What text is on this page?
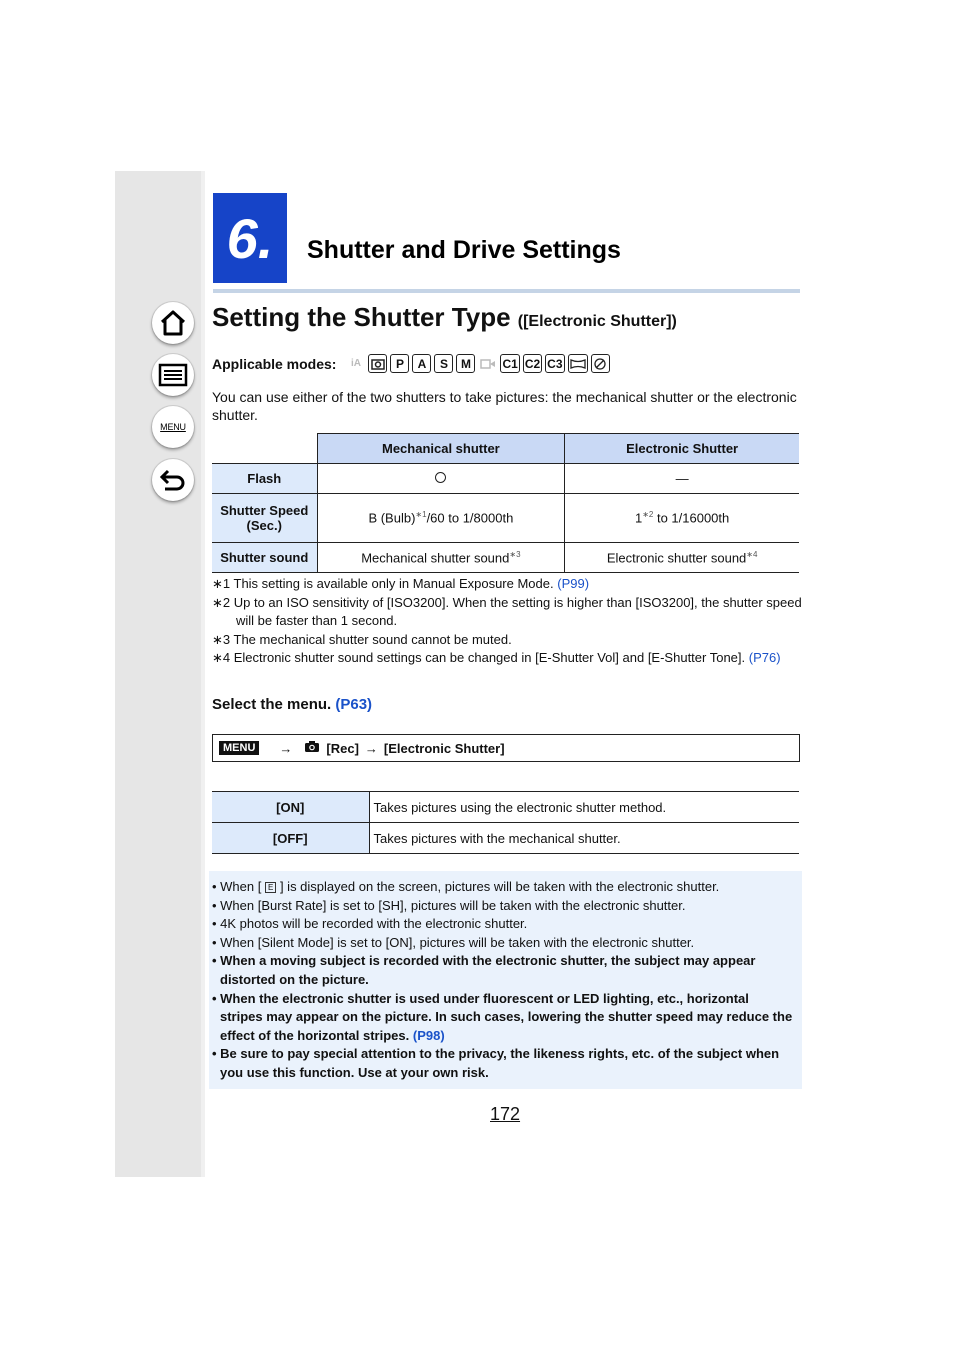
MENU
6.	Shutter and Drive Settings
Setting the Shutter Type ([Electronic Shutter])
Applicable modes:	iA	P	A	S	M	C1 C2 C3
You can use either of the two shutters to take pictures: the mechanical shutter or the electronic shutter.
	Mechanical shutter	Electronic Shutter
Flash		—
Shutter Speed (Sec.)	B (Bulb)$^{∗1}$/60 to 1/8000th	$1^{∗2}$ to 1/16000th
Shutter sound	Mechanical shutter sound$^{∗3}$	Electronic shutter sound$^{∗4}$
∗1 This setting is available only in Manual Exposure Mode. (P99)
∗2 Up to an ISO sensitivity of [ISO3200]. When the setting is higher than [ISO3200], the shutter speed will be faster than 1 second.
∗3 The mechanical shutter sound cannot be muted.
∗4 Electronic shutter sound settings can be changed in [E-Shutter Vol] and [E-Shutter Tone]. (P76)
Select the menu. (P63)
MENU	→	[Rec] → [Electronic Shutter]
[ON]	Takes pictures using the electronic shutter method.
[OFF]	Takes pictures with the mechanical shutter.
• When [ E ] is displayed on the screen, pictures will be taken with the electronic shutter.
• When [Burst Rate] is set to [SH], pictures will be taken with the electronic shutter.
• 4K photos will be recorded with the electronic shutter.
• When [Silent Mode] is set to [ON], pictures will be taken with the electronic shutter.
• When a moving subject is recorded with the electronic shutter, the subject may appear distorted on the picture.
• When the electronic shutter is used under fluorescent or LED lighting, etc., horizontal stripes may appear on the picture. In such cases, lowering the shutter speed may reduce the effect of the horizontal stripes. (P98)
• Be sure to pay special attention to the privacy, the likeness rights, etc. of the subject when you use this function. Use at your own risk.
172
